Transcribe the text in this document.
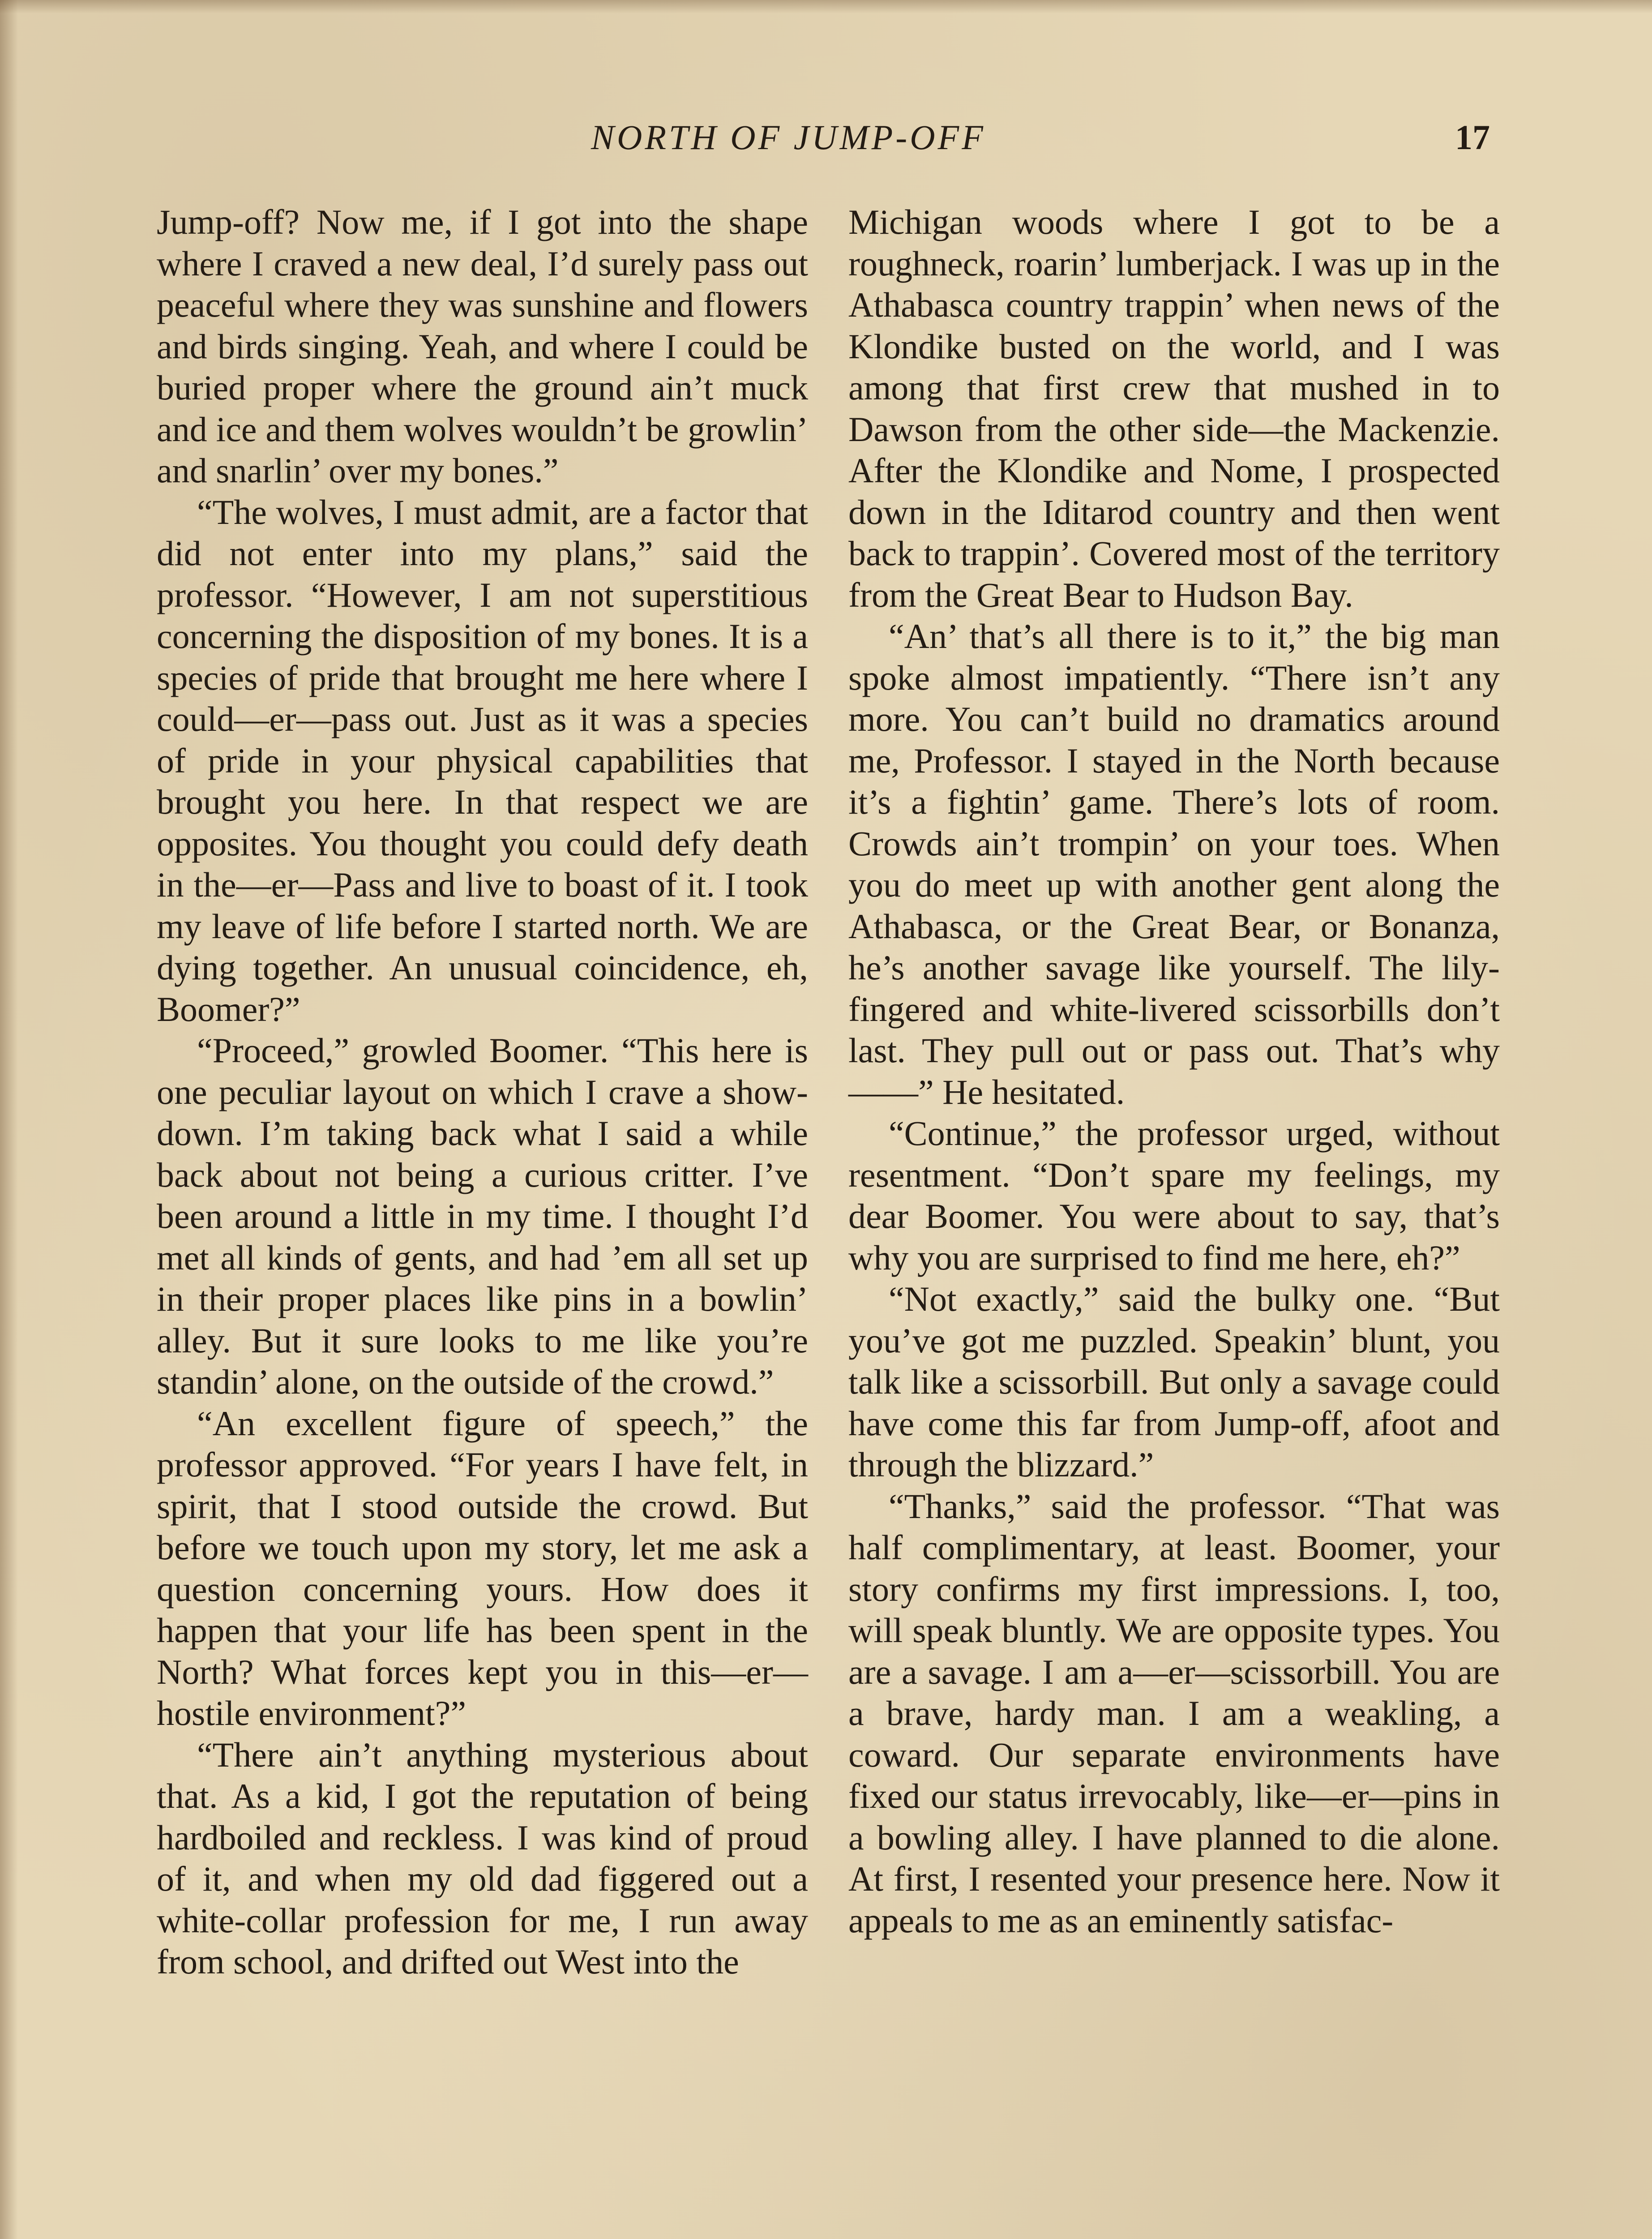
NORTH OF JUMP-OFF	17

Jump-off? Now me, if I got into the shape where I craved a new deal, I’d surely pass out peaceful where they was sunshine and flowers and birds singing. Yeah, and where I could be buried proper where the ground ain’t muck and ice and them wolves wouldn’t be growlin’ and snarlin’ over my bones.”

“The wolves, I must admit, are a factor that did not enter into my plans,” said the professor. “However, I am not superstitious concerning the disposition of my bones. It is a species of pride that brought me here where I could—er—pass out. Just as it was a species of pride in your physical capabilities that brought you here. In that respect we are opposites. You thought you could defy death in the—er—Pass and live to boast of it. I took my leave of life before I started north. We are dying together. An unusual coincidence, eh, Boomer?”

“Proceed,” growled Boomer. “This here is one peculiar layout on which I crave a show-down. I’m taking back what I said a while back about not being a curious critter. I’ve been around a little in my time. I thought I’d met all kinds of gents, and had ’em all set up in their proper places like pins in a bowlin’ alley. But it sure looks to me like you’re standin’ alone, on the outside of the crowd.”

“An excellent figure of speech,” the professor approved. “For years I have felt, in spirit, that I stood outside the crowd. But before we touch upon my story, let me ask a question concerning yours. How does it happen that your life has been spent in the North? What forces kept you in this—er—hostile environment?”

“There ain’t anything mysterious about that. As a kid, I got the reputation of being hardboiled and reckless. I was kind of proud of it, and when my old dad figgered out a white-collar profession for me, I run away from school, and drifted out West into the

Michigan woods where I got to be a roughneck, roarin’ lumberjack. I was up in the Athabasca country trappin’ when news of the Klondike busted on the world, and I was among that first crew that mushed in to Dawson from the other side—the Mackenzie. After the Klondike and Nome, I prospected down in the Iditarod country and then went back to trappin’. Covered most of the territory from the Great Bear to Hudson Bay.

“An’ that’s all there is to it,” the big man spoke almost impatiently. “There isn’t any more. You can’t build no dramatics around me, Professor. I stayed in the North because it’s a fightin’ game. There’s lots of room. Crowds ain’t trompin’ on your toes. When you do meet up with another gent along the Athabasca, or the Great Bear, or Bonanza, he’s another savage like yourself. The lily-fingered and white-livered scissorbills don’t last. They pull out or pass out. That’s why——” He hesitated.

“Continue,” the professor urged, without resentment. “Don’t spare my feelings, my dear Boomer. You were about to say, that’s why you are surprised to find me here, eh?”

“Not exactly,” said the bulky one. “But you’ve got me puzzled. Speakin’ blunt, you talk like a scissorbill. But only a savage could have come this far from Jump-off, afoot and through the blizzard.”

“Thanks,” said the professor. “That was half complimentary, at least. Boomer, your story confirms my first impressions. I, too, will speak bluntly. We are opposite types. You are a savage. I am a—er—scissorbill. You are a brave, hardy man. I am a weakling, a coward. Our separate environments have fixed our status irrevocably, like—er—pins in a bowling alley. I have planned to die alone. At first, I resented your presence here. Now it appeals to me as an eminently satisfac-
